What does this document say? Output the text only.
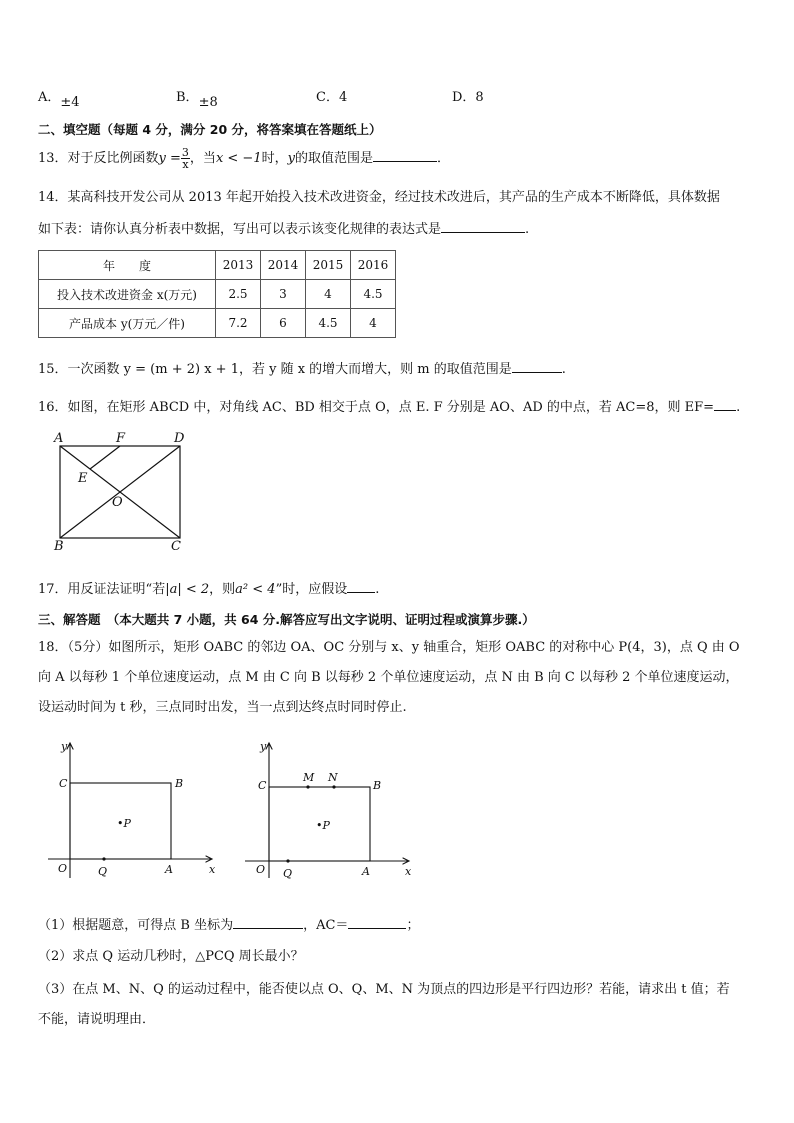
A．±4	B．±8	C．4	D．8
二、填空题（每题 4 分，满分 20 分，将答案填在答题纸上）
13．对于反比例函数$y = \frac{3}{x}$ ，当x < −1时，y的取值范围是	．
14．某高科技开发公司从 2013 年起开始投入技术改进资金，经过技术改进后，其产品的生产成本不断降低，具体数据
如下表：请你认真分析表中数据，写出可以表示该变化规律的表达式是	.
年　　度	2013	2014	2015	2016
投入技术改进资金 x(万元)	2.5	3	4	4.5
产品成本 y(万元／件)	7.2	6	4.5	4
15．一次函数 y = (m + 2) x + 1，若 y 随 x 的增大而增大，则 m 的取值范围是	.
16．如图，在矩形 ABCD 中，对角线 AC、BD 相交于点 O，点 E. F 分别是 AO、AD 的中点，若 AC=8，则 EF= .
A	F	D
E
O
B	C
17．用反证法证明“若|a| < 2，则a² < 4”时，应假设 .
三、解答题　（本大题共 7 小题，共 64 分.解答应写出文字说明、证明过程或演算步骤.）
18．（5分）如图所示，矩形 OABC 的邻边 OA、OC 分别与 x、y 轴重合，矩形 OABC 的对称中心 P(4，3)，点 Q 由 O
向 A 以每秒 1 个单位速度运动，点 M 由 C 向 B 以每秒 2 个单位速度运动，点 N 由 B 向 C 以每秒 2 个单位速度运动，
设运动时间为 t 秒，三点同时出发，当一点到达终点时同时停止.
y
C	B
•P
O	Q	A	x
y
C
M N
B
•P
O Q	A	x
（1）根据题意，可得点 B 坐标为	，AC＝	；
（2）求点 Q 运动几秒时，△PCQ 周长最小？
（3）在点 M、N、Q 的运动过程中，能否使以点 O、Q、M、N 为顶点的四边形是平行四边形？若能，请求出 t 值；若
不能，请说明理由．
